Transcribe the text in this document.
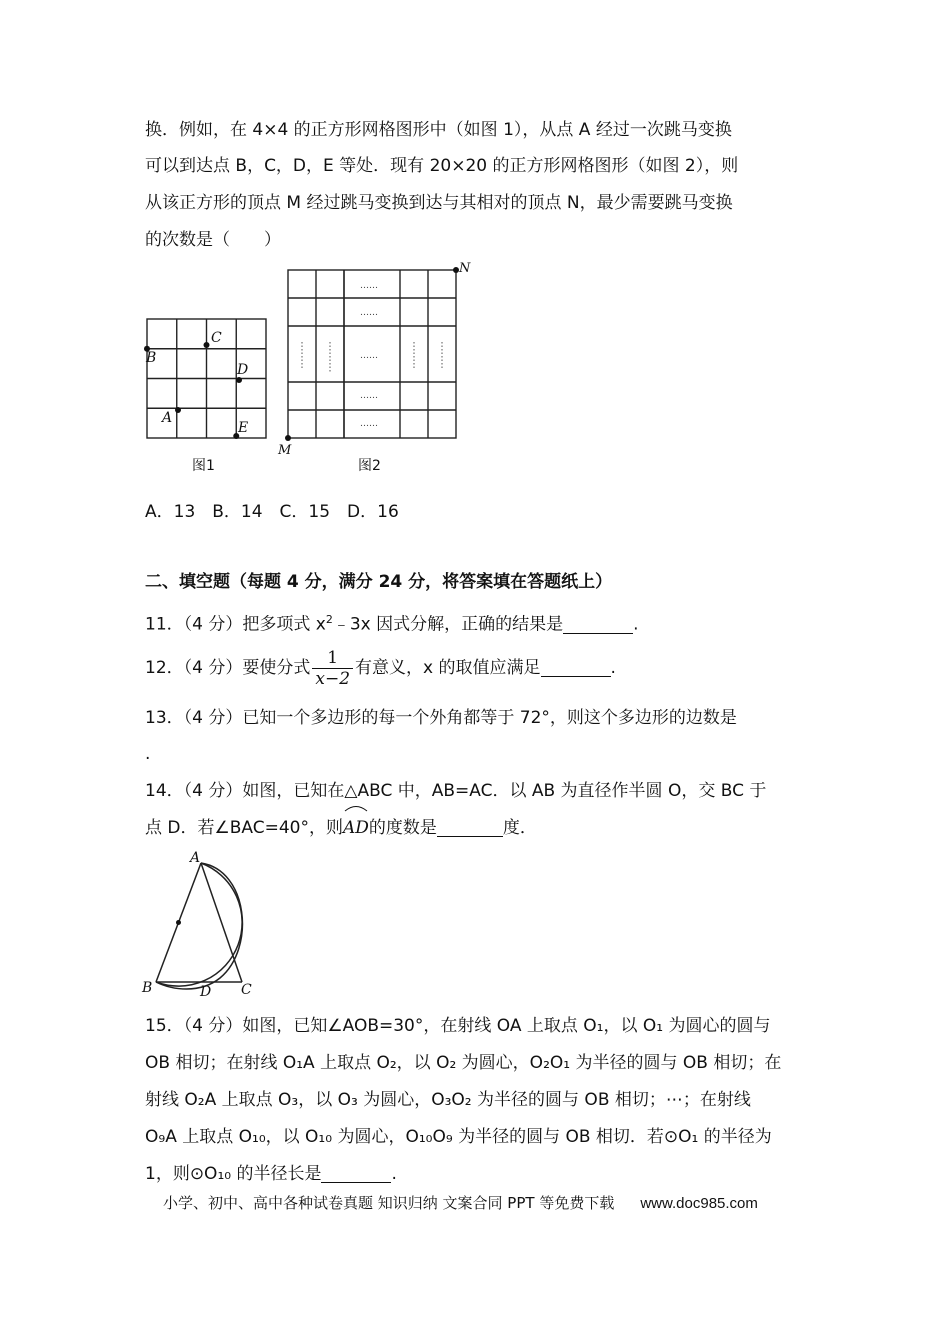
换．例如，在 4×4 的正方形网格图形中（如图 1），从点 A 经过一次跳马变换
可以到达点 B，C，D，E 等处．现有 20×20 的正方形网格图形（如图 2），则
从该正方形的顶点 M 经过跳马变换到达与其相对的顶点 N，最少需要跳马变换
的次数是（　　）
B
C
D
A
E
图1
……
……
……
……
……
M
N
图2
A．13　B．14　C．15　D．16
二、填空题（每题 4 分，满分 24 分，将答案填在答题纸上）
11．（4 分）把多项式 $x^2﹣3x$ 因式分解，正确的结果是	.
12．（4 分）要使分式 $\frac{1}{x-2}$ 有意义，x 的取值应满足	.
13．（4 分）已知一个多边形的每一个外角都等于 72°，则这个多边形的边数是
.
14．（4 分）如图，已知在△ABC 中，AB=AC．以 AB 为直径作半圆 O，交 BC 于
点 D．若∠BAC=40°，则
AD的度数是	度．
A
B	C
D
15．（4 分）如图，已知∠AOB=30°，在射线 OA 上取点 O₁，以 O₁ 为圆心的圆与
OB 相切；在射线 O₁A 上取点 O₂，以 O₂ 为圆心，O₂O₁ 为半径的圆与 OB 相切；在
射线 O₂A 上取点 O₃，以 O₃ 为圆心，O₃O₂ 为半径的圆与 OB 相切；⋯；在射线
O₉A 上取点 O₁₀，以 O₁₀ 为圆心，O₁₀O₉ 为半径的圆与 OB 相切．若⊙O₁ 的半径为
1，则⊙O₁₀ 的半径长是	.
小学、初中、高中各种试卷真题 知识归纳 文案合同 PPT 等免费下载 www.doc985.com
